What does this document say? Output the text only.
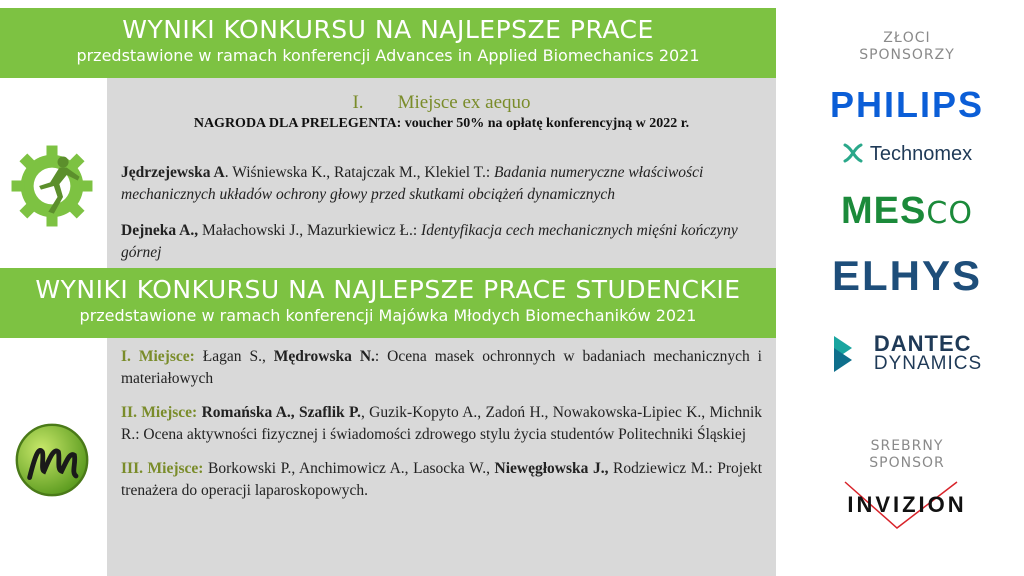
WYNIKI KONKURSU NA NAJLEPSZE PRACE
przedstawione w ramach konferencji Advances in Applied Biomechanics 2021
I. Miejsce ex aequo
NAGRODA DLA PRELEGENTA: voucher 50% na opłatę konferencyjną w 2022 r.
Jędrzejewska A. Wiśniewska K., Ratajczak M., Klekiel T.: Badania numeryczne właściwości mechanicznych układów ochrony głowy przed skutkami obciążeń dynamicznych
Dejneka A., Małachowski J., Mazurkiewicz Ł.: Identyfikacja cech mechanicznych mięśni kończyny górnej
WYNIKI KONKURSU NA NAJLEPSZE PRACE STUDENCKIE
przedstawione w ramach konferencji Majówka Młodych Biomechaników 2021
I. Miejsce: Łagan S., Mędrowska N.: Ocena masek ochronnych w badaniach mechanicznych i materiałowych
II. Miejsce: Romańska A., Szaflik P., Guzik-Kopyto A., Zadoń H., Nowakowska-Lipiec K., Michnik R.: Ocena aktywności fizycznej i świadomości zdrowego stylu życia studentów Politechniki Śląskiej
III. Miejsce: Borkowski P., Anchimowicz A., Lasocka W., Niewęgłowska J., Rodziewicz M.: Projekt trenażera do operacji laparoskopowych.
ZŁOCI
SPONSORZY
PHILIPS
Technomex
MESCO
ELHYS
DANTEC
DYNAMICS
SREBRNY
SPONSOR
INVIZION
